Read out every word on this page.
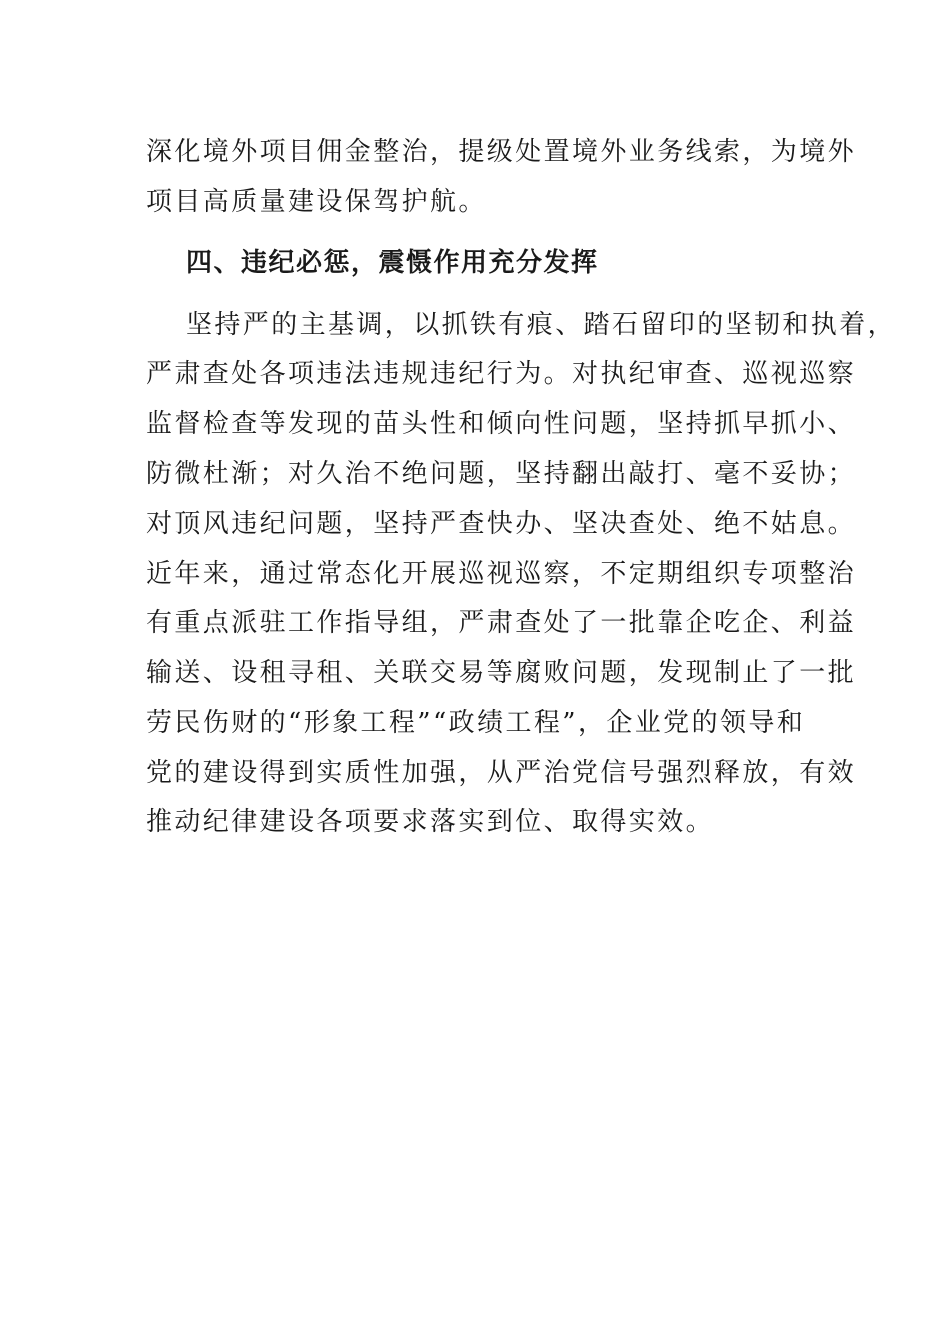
深化境外项目佣金整治，提级处置境外业务线索，为境外
项目高质量建设保驾护航。
四、违纪必惩，震慑作用充分发挥
坚持严的主基调，以抓铁有痕、踏石留印的坚韧和执着，
严肃查处各项违法违规违纪行为。对执纪审查、巡视巡察
监督检查等发现的苗头性和倾向性问题，坚持抓早抓小、
防微杜渐；对久治不绝问题，坚持翻出敲打、毫不妥协；
对顶风违纪问题，坚持严查快办、坚决查处、绝不姑息。
近年来，通过常态化开展巡视巡察，不定期组织专项整治
有重点派驻工作指导组，严肃查处了一批靠企吃企、利益
输送、设租寻租、关联交易等腐败问题，发现制止了一批
劳民伤财的“形象工程”“政绩工程”，企业党的领导和
党的建设得到实质性加强，从严治党信号强烈释放，有效
推动纪律建设各项要求落实到位、取得实效。
